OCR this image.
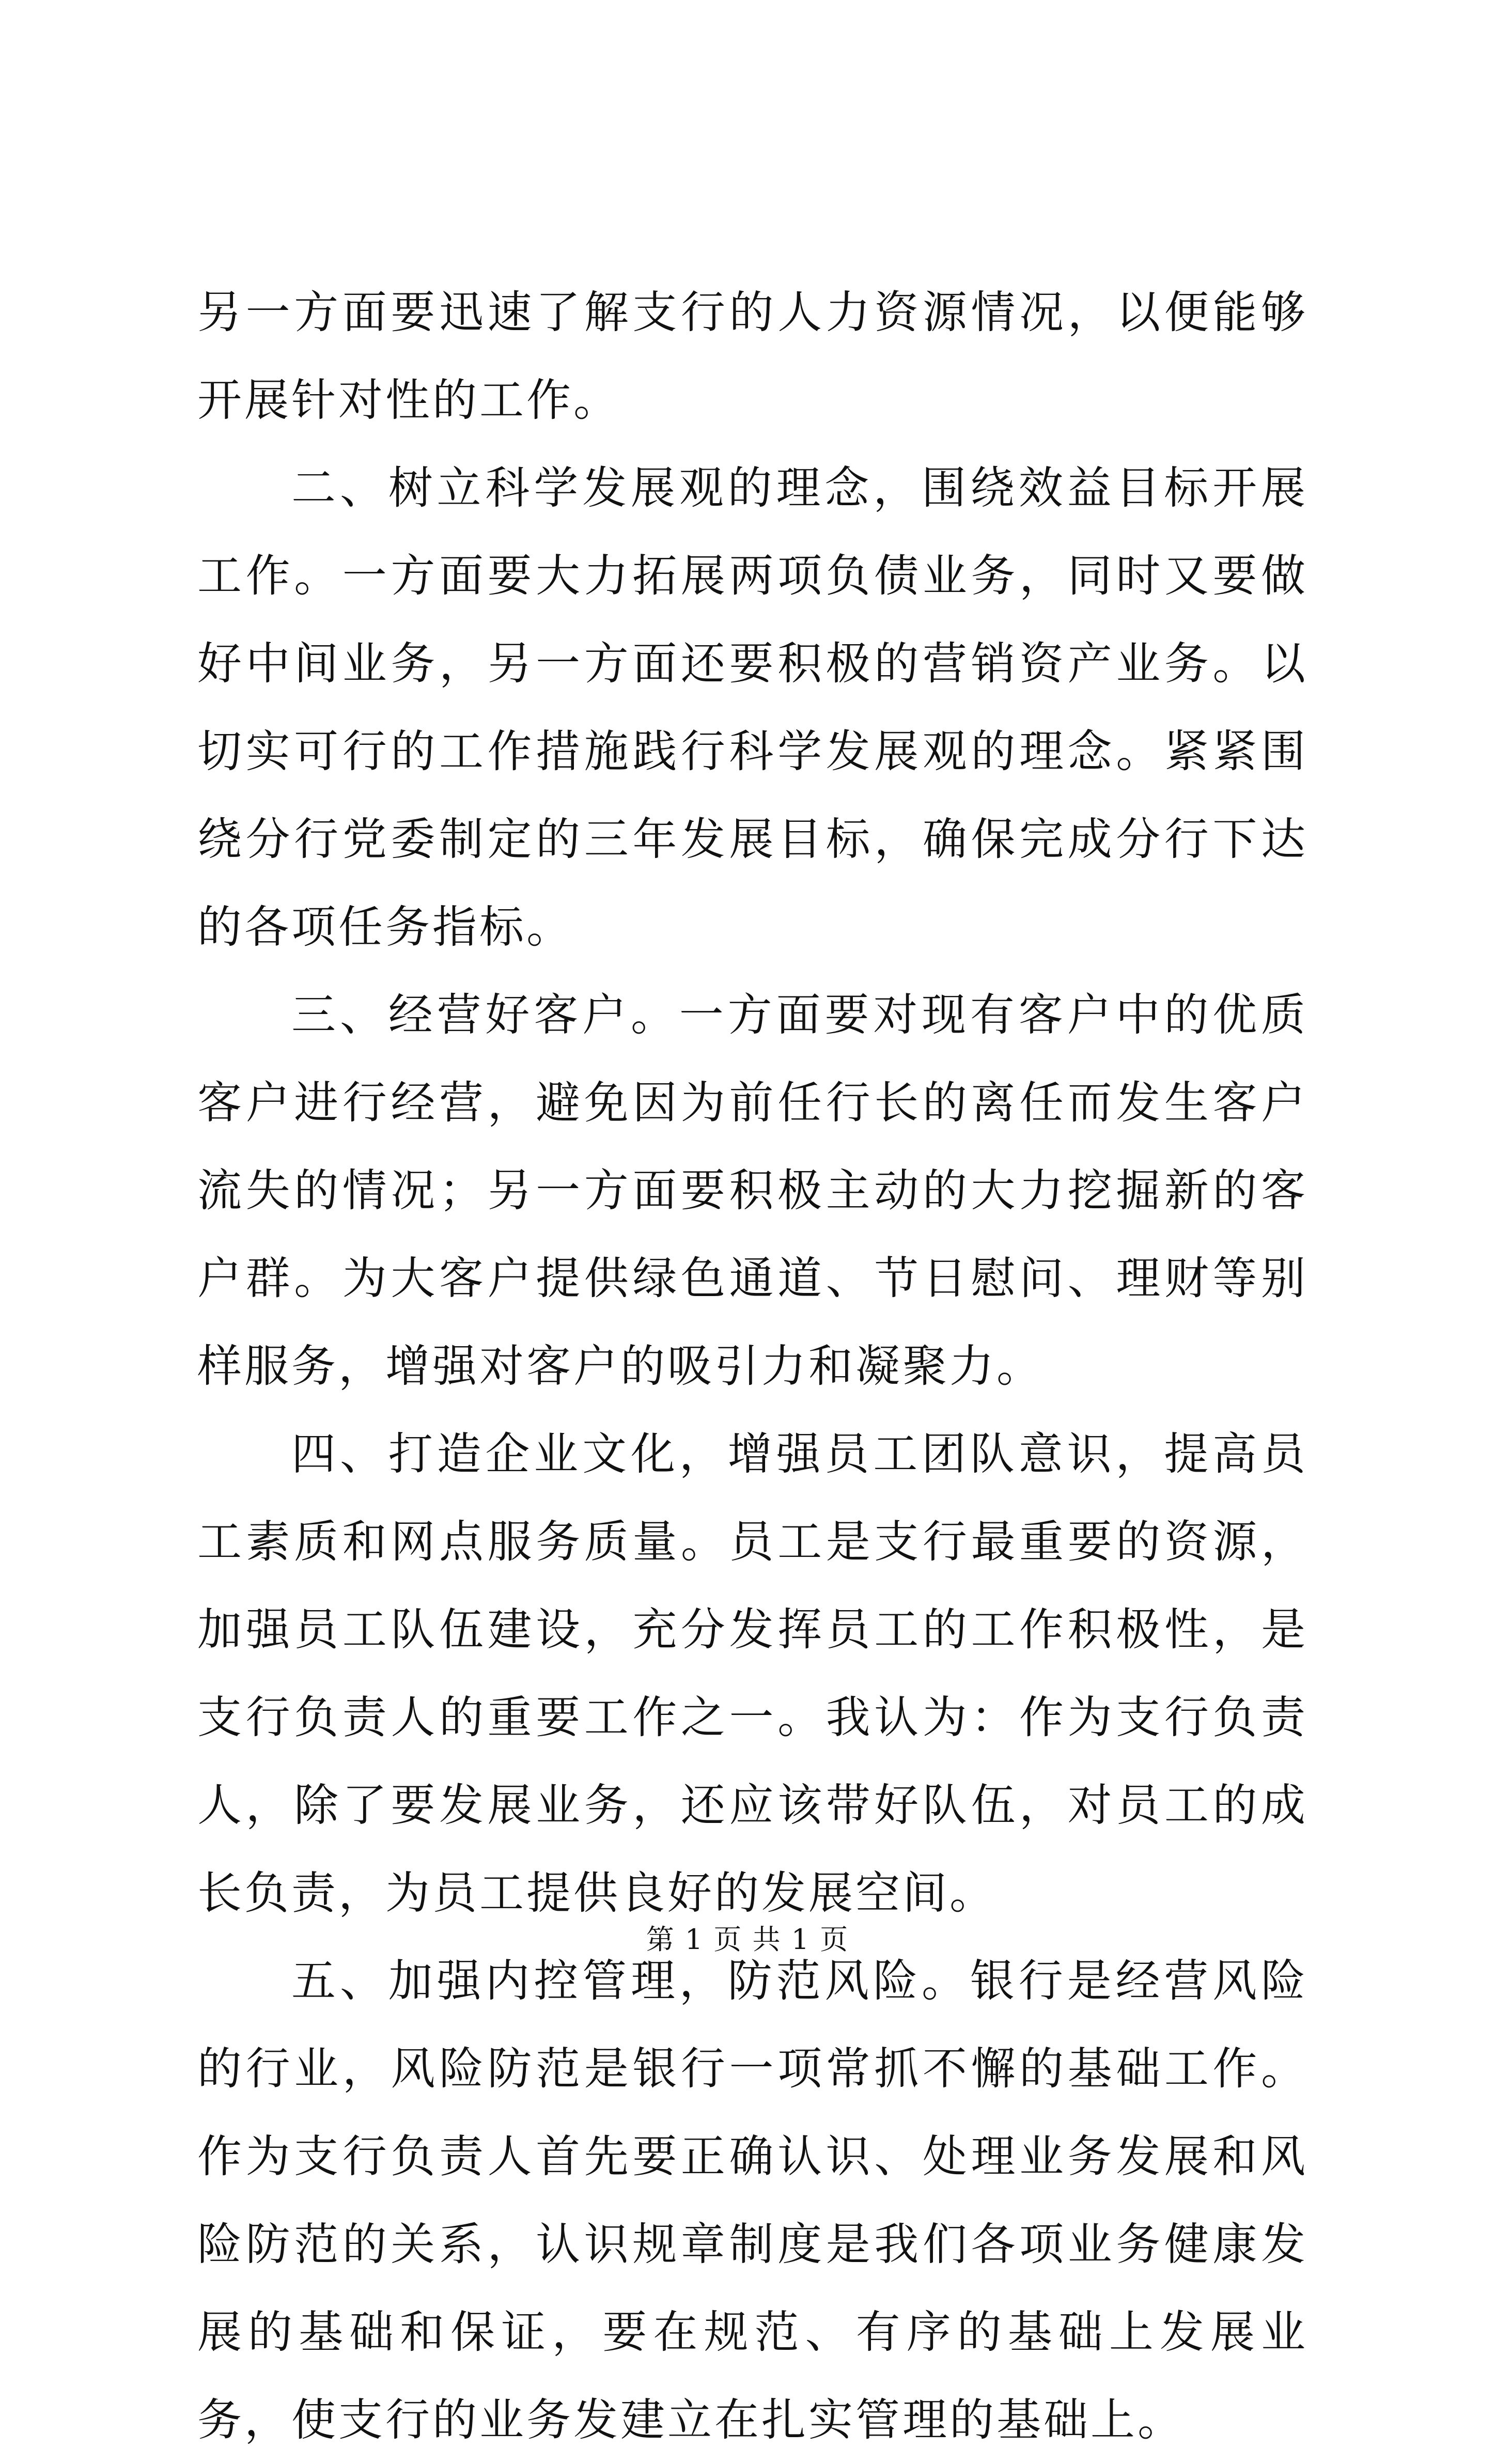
另一方面要迅速了解支行的人力资源情况，以便能够开展针对性的工作。

二、树立科学发展观的理念，围绕效益目标开展工作。一方面要大力拓展两项负债业务，同时又要做好中间业务，另一方面还要积极的营销资产业务。以切实可行的工作措施践行科学发展观的理念。紧紧围绕分行党委制定的三年发展目标，确保完成分行下达的各项任务指标。

三、经营好客户。一方面要对现有客户中的优质客户进行经营，避免因为前任行长的离任而发生客户流失的情况；另一方面要积极主动的大力挖掘新的客户群。为大客户提供绿色通道、节日慰问、理财等别样服务，增强对客户的吸引力和凝聚力。

四、打造企业文化，增强员工团队意识，提高员工素质和网点服务质量。员工是支行最重要的资源，加强员工队伍建设，充分发挥员工的工作积极性，是支行负责人的重要工作之一。我认为：作为支行负责人，除了要发展业务，还应该带好队伍，对员工的成长负责，为员工提供良好的发展空间。

五、加强内控管理，防范风险。银行是经营风险的行业，风险防范是银行一项常抓不懈的基础工作。作为支行负责人首先要正确认识、处理业务发展和风险防范的关系，认识规章制度是我们各项业务健康发展的基础和保证，要在规范、有序的基础上发展业务，使支行的业务发建立在扎实管理的基础上。

第 1 页 共 1 页
